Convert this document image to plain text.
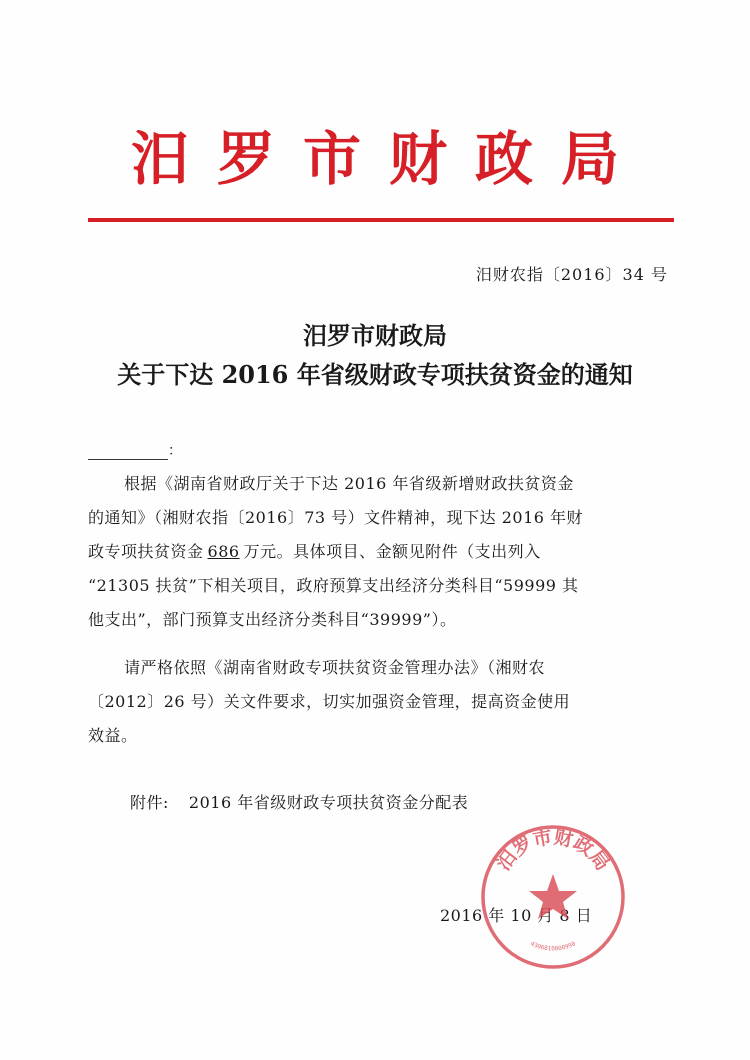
汨罗市财政局
汨财农指〔2016〕34 号
汨罗市财政局
关于下达 2016 年省级财政专项扶贫资金的通知
：
根据《湖南省财政厅关于下达 2016 年省级新增财政扶贫资金
的通知》（湘财农指〔2016〕73 号）文件精神，现下达 2016 年财
政专项扶贫资金 686 万元。具体项目、金额见附件（支出列入
“21305 扶贫”下相关项目，政府预算支出经济分类科目“59999 其
他支出”，部门预算支出经济分类科目“39999”）。
请严格依照《湖南省财政专项扶贫资金管理办法》（湘财农
〔2012〕26 号）关文件要求，切实加强资金管理，提高资金使用
效益。
附件: 2016 年省级财政专项扶贫资金分配表
2016 年 10 月 8 日
汨罗市财政局
4306810000990
